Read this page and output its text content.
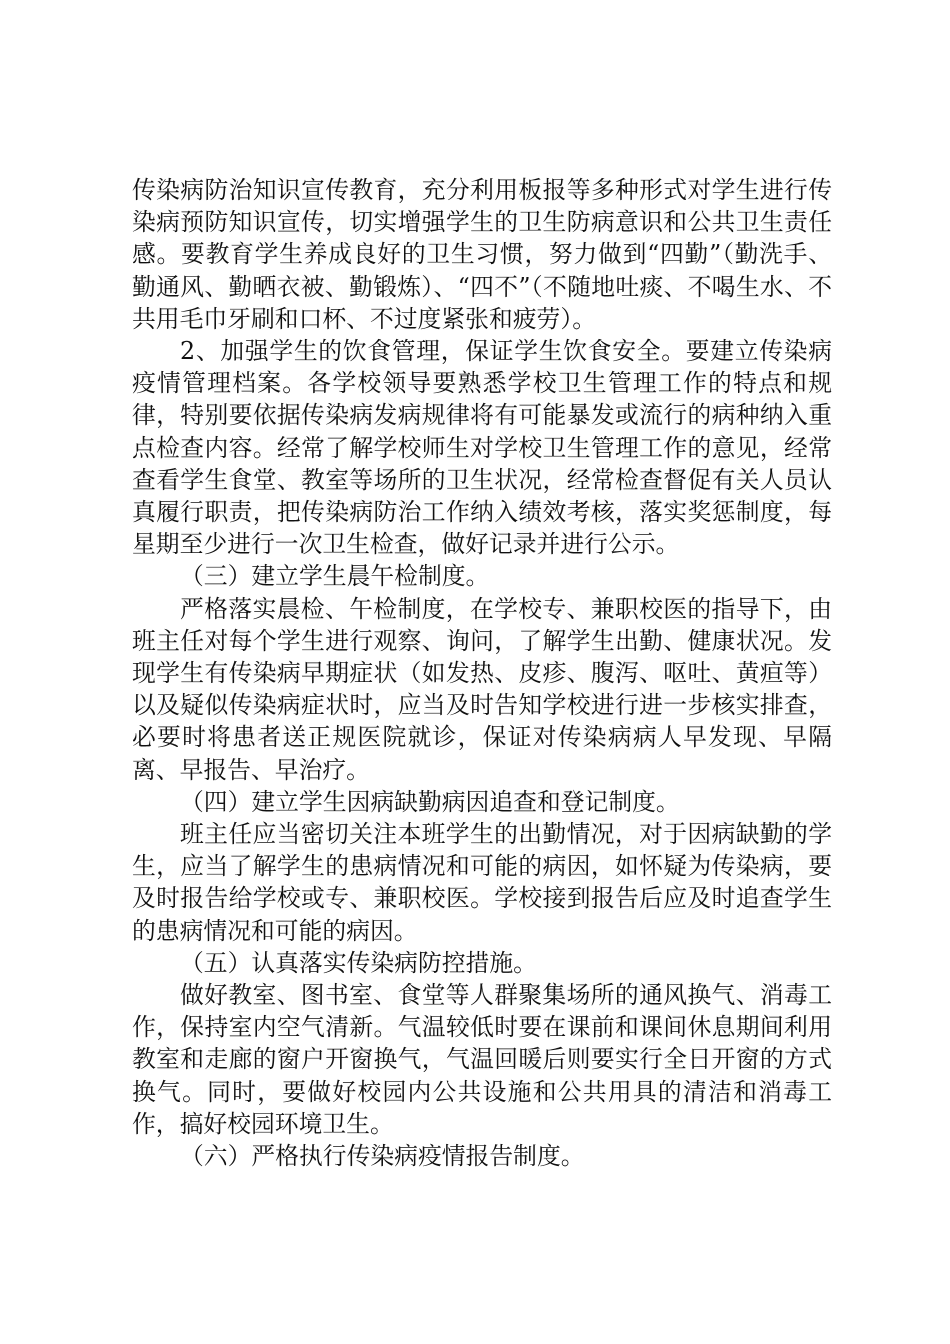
传染病防治知识宣传教育，充分利用板报等多种形式对学生进行传染病预防知识宣传，切实增强学生的卫生防病意识和公共卫生责任感。要教育学生养成良好的卫生习惯，努力做到“四勤”（勤洗手、勤通风、勤晒衣被、勤锻炼）、“四不”（不随地吐痰、不喝生水、不共用毛巾牙刷和口杯、不过度紧张和疲劳）。

2、加强学生的饮食管理，保证学生饮食安全。要建立传染病疫情管理档案。各学校领导要熟悉学校卫生管理工作的特点和规律，特别要依据传染病发病规律将有可能暴发或流行的病种纳入重点检查内容。经常了解学校师生对学校卫生管理工作的意见，经常查看学生食堂、教室等场所的卫生状况，经常检查督促有关人员认真履行职责，把传染病防治工作纳入绩效考核，落实奖惩制度，每星期至少进行一次卫生检查，做好记录并进行公示。

（三）建立学生晨午检制度。

严格落实晨检、午检制度，在学校专、兼职校医的指导下，由班主任对每个学生进行观察、询问，了解学生出勤、健康状况。发现学生有传染病早期症状（如发热、皮疹、腹泻、呕吐、黄疸等）以及疑似传染病症状时，应当及时告知学校进行进一步核实排查，必要时将患者送正规医院就诊，保证对传染病病人早发现、早隔离、早报告、早治疗。

（四）建立学生因病缺勤病因追查和登记制度。

班主任应当密切关注本班学生的出勤情况，对于因病缺勤的学生，应当了解学生的患病情况和可能的病因，如怀疑为传染病，要及时报告给学校或专、兼职校医。学校接到报告后应及时追查学生的患病情况和可能的病因。

（五）认真落实传染病防控措施。

做好教室、图书室、食堂等人群聚集场所的通风换气、消毒工作，保持室内空气清新。气温较低时要在课前和课间休息期间利用教室和走廊的窗户开窗换气，气温回暖后则要实行全日开窗的方式换气。同时，要做好校园内公共设施和公共用具的清洁和消毒工作，搞好校园环境卫生。

（六）严格执行传染病疫情报告制度。
